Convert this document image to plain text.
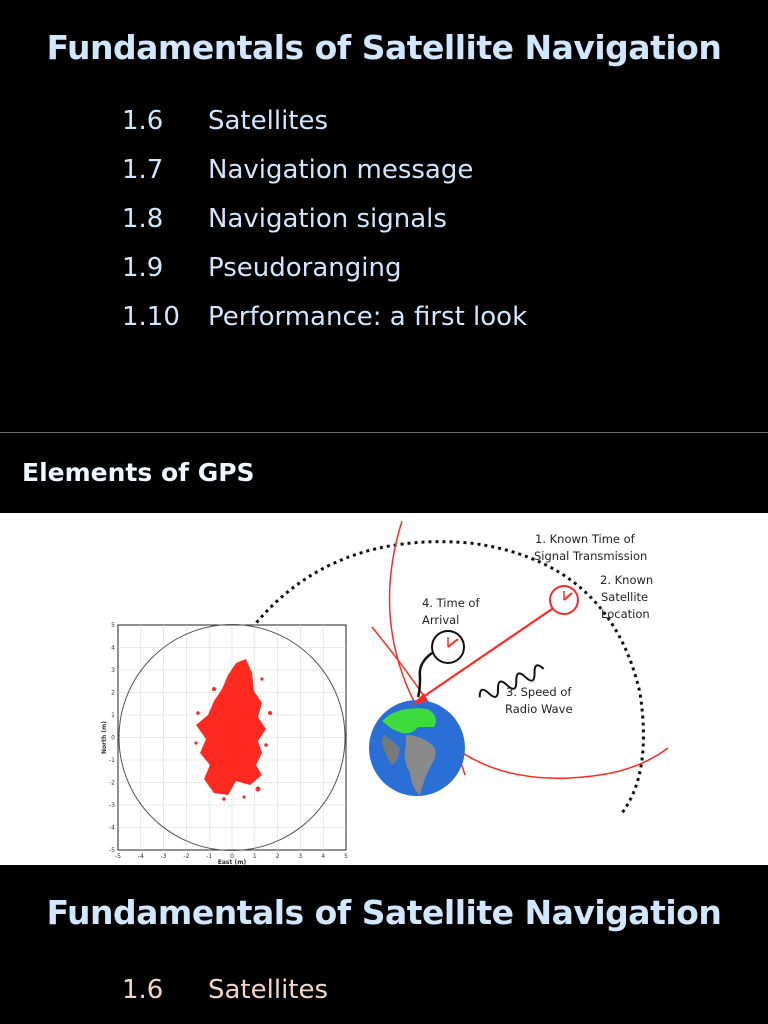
Fundamentals of Satellite Navigation
1.6	Satellites
1.7	Navigation message
1.8	Navigation signals
1.9	Pseudoranging
1.10	Performance: a first look
Elements of GPS
5
4
3
2
1
0
-1
-2
-3
-4
-5
-5	-4	-3	-2	-1	0	1	2	3	4	5
East (m)
North (m)
1. Known Time of
Signal Transmission
2. Known
Satellite
Location
4. Time of
Arrival
3. Speed of
Radio Wave
Fundamentals of Satellite Navigation
1.6	Satellites
